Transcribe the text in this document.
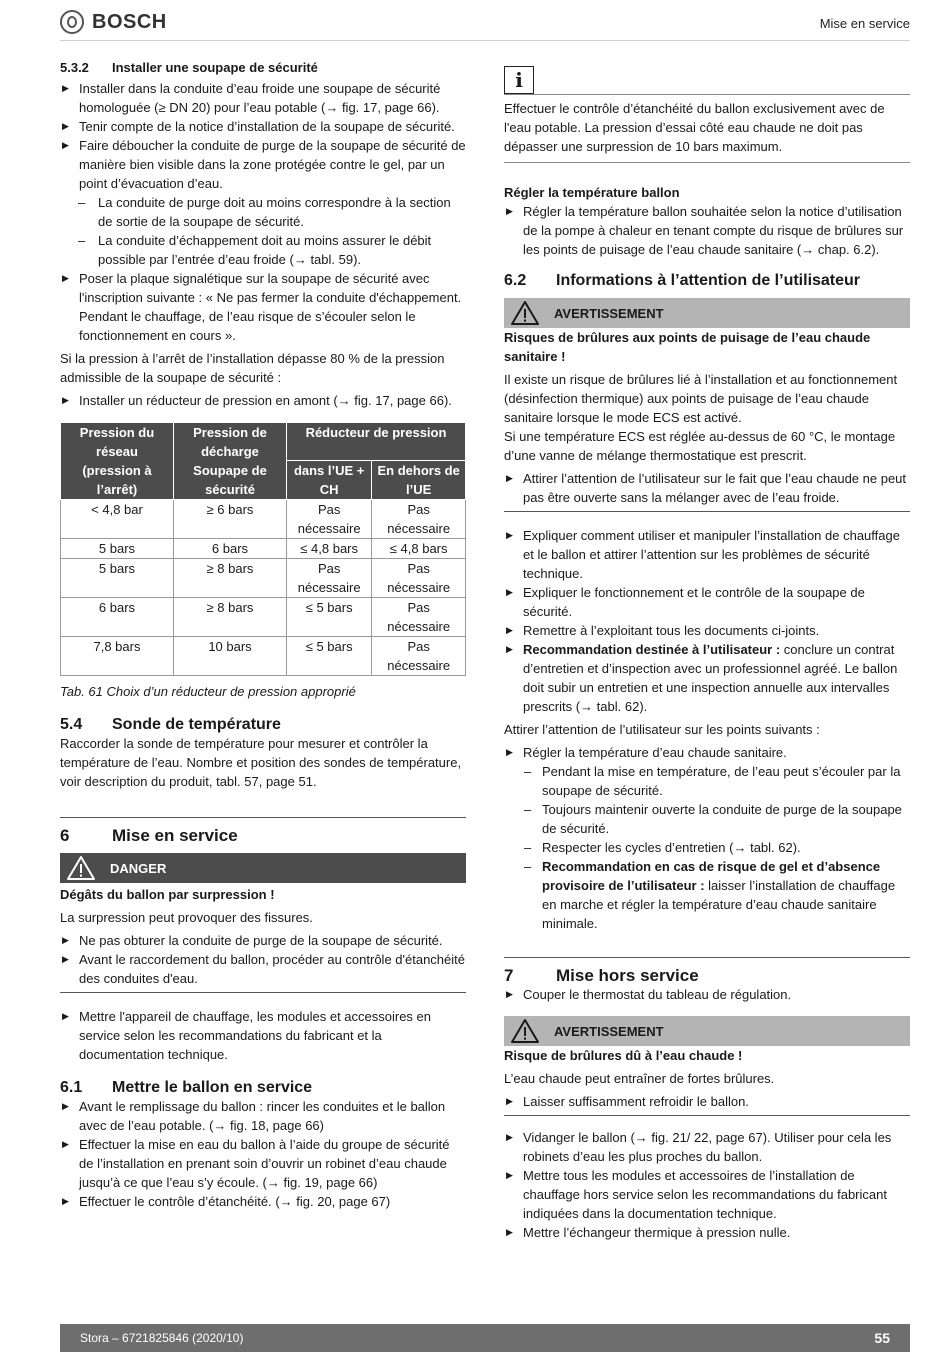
BOSCH	Mise en service
5.3.2	Installer une soupape de sécurité

▶ Installer dans la conduite d’eau froide une soupape de sécurité homologuée (≥ DN 20) pour l’eau potable (→ fig. 17, page 66).

▶ Tenir compte de la notice d’installation de la soupape de sécurité.

▶ Faire déboucher la conduite de purge de la soupape de sécurité de manière bien visible dans la zone protégée contre le gel, par un point d’évacuation d’eau.

– La conduite de purge doit au moins correspondre à la section de sortie de la soupape de sécurité.

– La conduite d’échappement doit au moins assurer le débit possible par l’entrée d’eau froide (→ tabl. 59).

▶ Poser la plaque signalétique sur la soupape de sécurité avec l'inscription suivante : « Ne pas fermer la conduite d'échappement. Pendant le chauffage, de l’eau risque de s’écouler selon le fonctionnement en cours ».

Si la pression à l’arrêt de l’installation dépasse 80 % de la pression admissible de la soupape de sécurité :

▶ Installer un réducteur de pression en amont (→ fig. 17, page 66).

Pression du réseau (pression à l’arrêt)	Pression de décharge Soupape de sécurité	Réducteur de pression	
		dans l’UE + CH	En dehors de l’UE
< 4,8 bar	≥ 6 bars	Pas nécessaire	Pas nécessaire
5 bars	6 bars	≤ 4,8 bars	≤ 4,8 bars
5 bars	≥ 8 bars	Pas nécessaire	Pas nécessaire
6 bars	≥ 8 bars	≤ 5 bars	Pas nécessaire
7,8 bars	10 bars	≤ 5 bars	Pas nécessaire

Tab. 61 Choix d’un réducteur de pression approprié

5.4	Sonde de température

Raccorder la sonde de température pour mesurer et contrôler la température de l’eau. Nombre et position des sondes de température, voir description du produit, tabl. 57, page 51.

6	Mise en service
DANGER

Dégâts du ballon par surpression !

La surpression peut provoquer des fissures.

▶ Ne pas obturer la conduite de purge de la soupape de sécurité.

▶ Avant le raccordement du ballon, procéder au contrôle d'étanchéité des conduites d'eau.

▶ Mettre l'appareil de chauffage, les modules et accessoires en service selon les recommandations du fabricant et la documentation technique.

6.1	Mettre le ballon en service

▶ Avant le remplissage du ballon : rincer les conduites et le ballon avec de l’eau potable. (→ fig. 18, page 66)

▶ Effectuer la mise en eau du ballon à l’aide du groupe de sécurité de l’installation en prenant soin d’ouvrir un robinet d’eau chaude jusqu’à ce que l’eau s’y écoule. (→ fig. 19, page 66)

▶ Effectuer le contrôle d’étanchéité. (→ fig. 20, page 67)

i

Effectuer le contrôle d’étanchéité du ballon exclusivement avec de l'eau potable. La pression d’essai côté eau chaude ne doit pas dépasser une surpression de 10 bars maximum.

Régler la température ballon

▶ Régler la température ballon souhaitée selon la notice d’utilisation de la pompe à chaleur en tenant compte du risque de brûlures sur les points de puisage de l’eau chaude sanitaire (→ chap. 6.2).

6.2	Informations à l’attention de l’utilisateur
AVERTISSEMENT

Risques de brûlures aux points de puisage de l’eau chaude sanitaire !

Il existe un risque de brûlures lié à l’installation et au fonctionnement (désinfection thermique) aux points de puisage de l’eau chaude sanitaire lorsque le mode ECS est activé.

Si une température ECS est réglée au-dessus de 60 °C, le montage d’une vanne de mélange thermostatique est prescrit.

▶ Attirer l’attention de l’utilisateur sur le fait que l’eau chaude ne peut pas être ouverte sans la mélanger avec de l’eau froide.

▶ Expliquer comment utiliser et manipuler l’installation de chauffage et le ballon et attirer l’attention sur les problèmes de sécurité technique.

▶ Expliquer le fonctionnement et le contrôle de la soupape de sécurité.

▶ Remettre à l’exploitant tous les documents ci-joints.

▶ Recommandation destinée à l’utilisateur : conclure un contrat d’entretien et d’inspection avec un professionnel agréé. Le ballon doit subir un entretien et une inspection annuelle aux intervalles prescrits (→ tabl. 62).

Attirer l’attention de l’utilisateur sur les points suivants :

▶ Régler la température d’eau chaude sanitaire.

– Pendant la mise en température, de l’eau peut s’écouler par la soupape de sécurité.

– Toujours maintenir ouverte la conduite de purge de la soupape de sécurité.

– Respecter les cycles d’entretien (→ tabl. 62).

– Recommandation en cas de risque de gel et d’absence provisoire de l’utilisateur : laisser l’installation de chauffage en marche et régler la température d’eau chaude sanitaire minimale.

7	Mise hors service

▶ Couper le thermostat du tableau de régulation.

AVERTISSEMENT

Risque de brûlures dû à l’eau chaude !

L’eau chaude peut entraîner de fortes brûlures.

▶ Laisser suffisamment refroidir le ballon.

▶ Vidanger le ballon (→ fig. 21/ 22, page 67). Utiliser pour cela les robinets d’eau les plus proches du ballon.

▶ Mettre tous les modules et accessoires de l’installation de chauffage hors service selon les recommandations du fabricant indiquées dans la documentation technique.

▶ Mettre l’échangeur thermique à pression nulle.

Stora – 6721825846 (2020/10)	55
